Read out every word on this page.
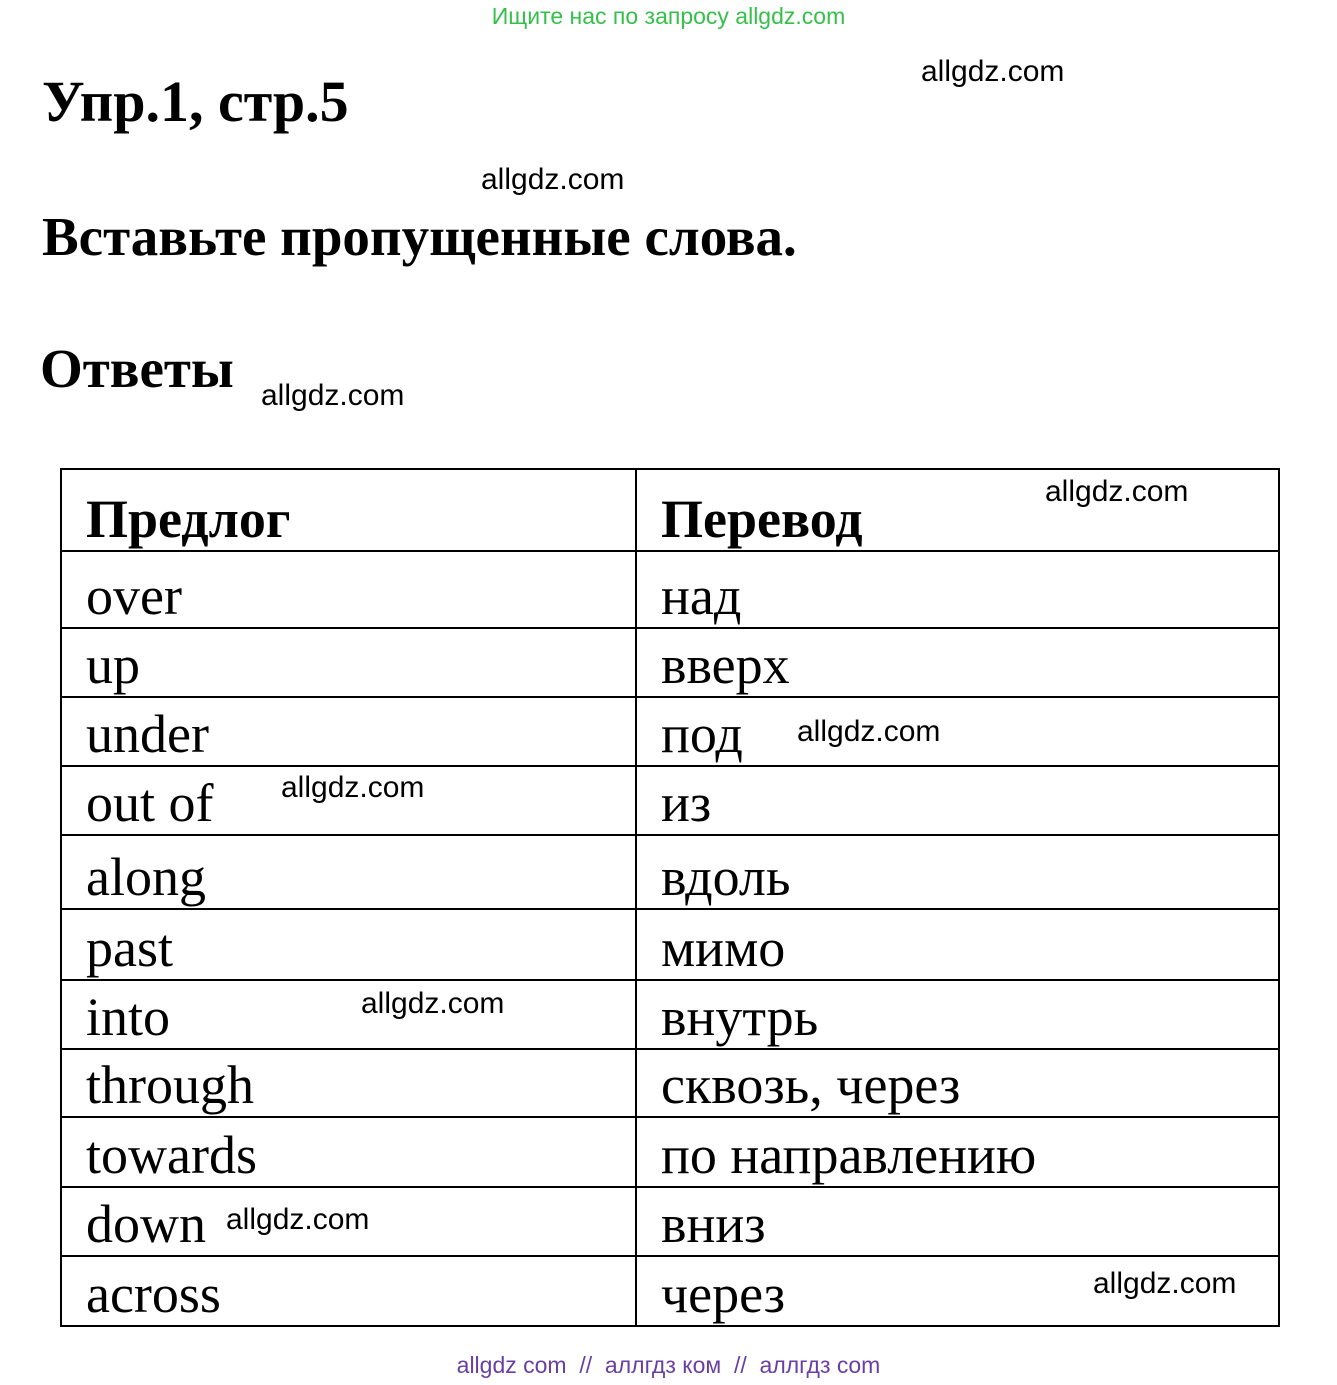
Ищите нас по запросу allgdz.com
allgdz.com
Упр.1, стр.5
allgdz.com
Вставьте пропущенные слова.
Ответы allgdz.com
Предлог	Перевод
over	над
up	вверх
under	под
out of	из
along	вдоль
past	мимо
into	внутрь
through	сквозь, через
towards	по направлению
down	вниз
across	через
allgdz.com
allgdz.com
allgdz.com
allgdz.com
allgdz.com
allgdz.com
allgdz com  //  аллгдз ком  //  аллгдз com
